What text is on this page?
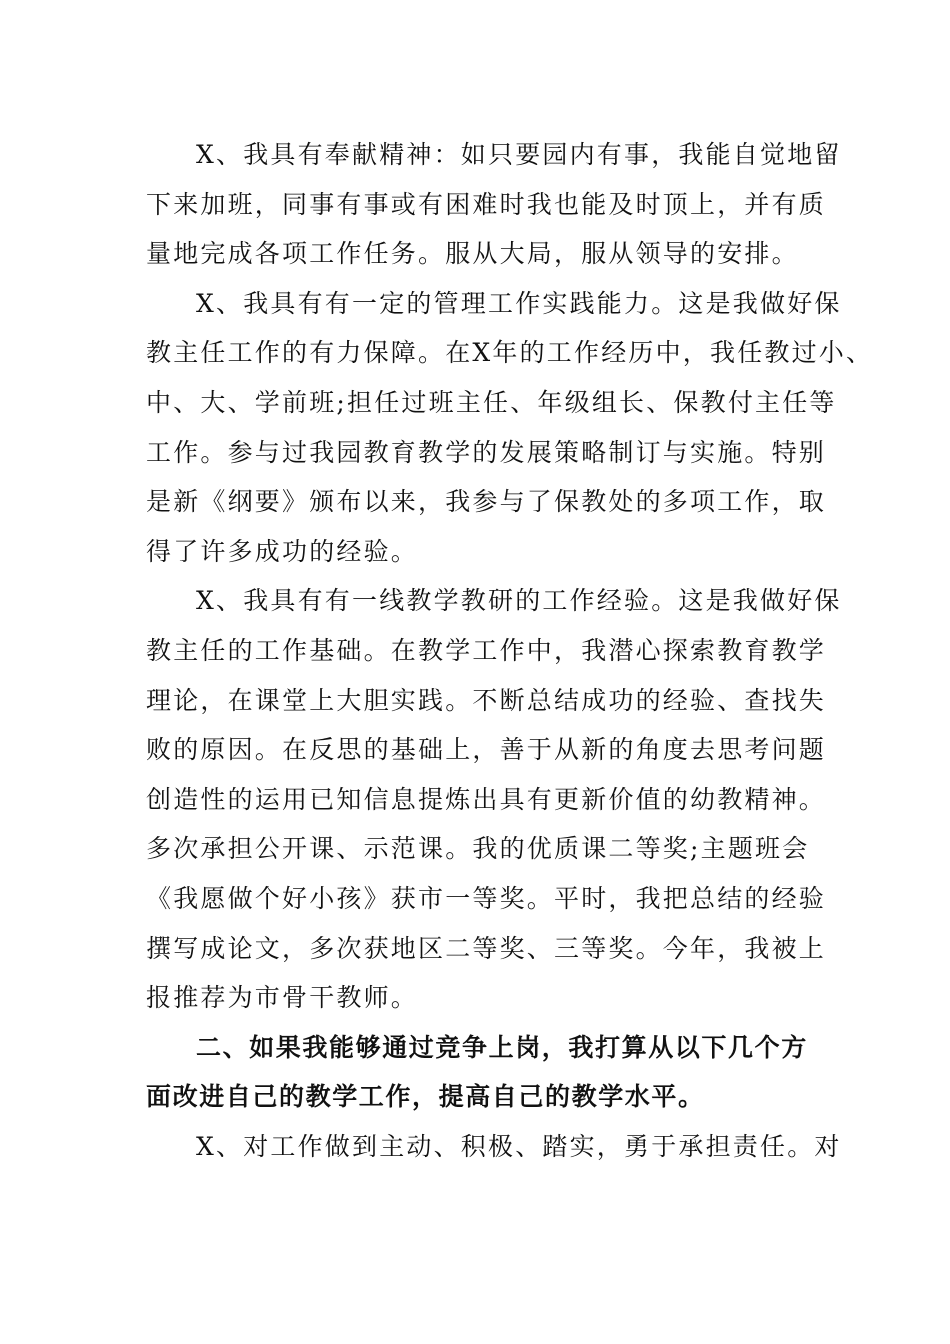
X、我具有奉献精神：如只要园内有事，我能自觉地留
下来加班，同事有事或有困难时我也能及时顶上，并有质
量地完成各项工作任务。服从大局，服从领导的安排。
X、我具有有一定的管理工作实践能力。这是我做好保
教主任工作的有力保障。在X年的工作经历中，我任教过小、
中、大、学前班;担任过班主任、年级组长、保教付主任等
工作。参与过我园教育教学的发展策略制订与实施。特别
是新《纲要》颁布以来，我参与了保教处的多项工作，取
得了许多成功的经验。
X、我具有有一线教学教研的工作经验。这是我做好保
教主任的工作基础。在教学工作中，我潜心探索教育教学
理论，在课堂上大胆实践。不断总结成功的经验、查找失
败的原因。在反思的基础上，善于从新的角度去思考问题
创造性的运用已知信息提炼出具有更新价值的幼教精神。
多次承担公开课、示范课。我的优质课二等奖;主题班会
《我愿做个好小孩》获市一等奖。平时，我把总结的经验
撰写成论文，多次获地区二等奖、三等奖。今年，我被上
报推荐为市骨干教师。
二、如果我能够通过竞争上岗，我打算从以下几个方
面改进自己的教学工作，提高自己的教学水平。
X、对工作做到主动、积极、踏实，勇于承担责任。对
